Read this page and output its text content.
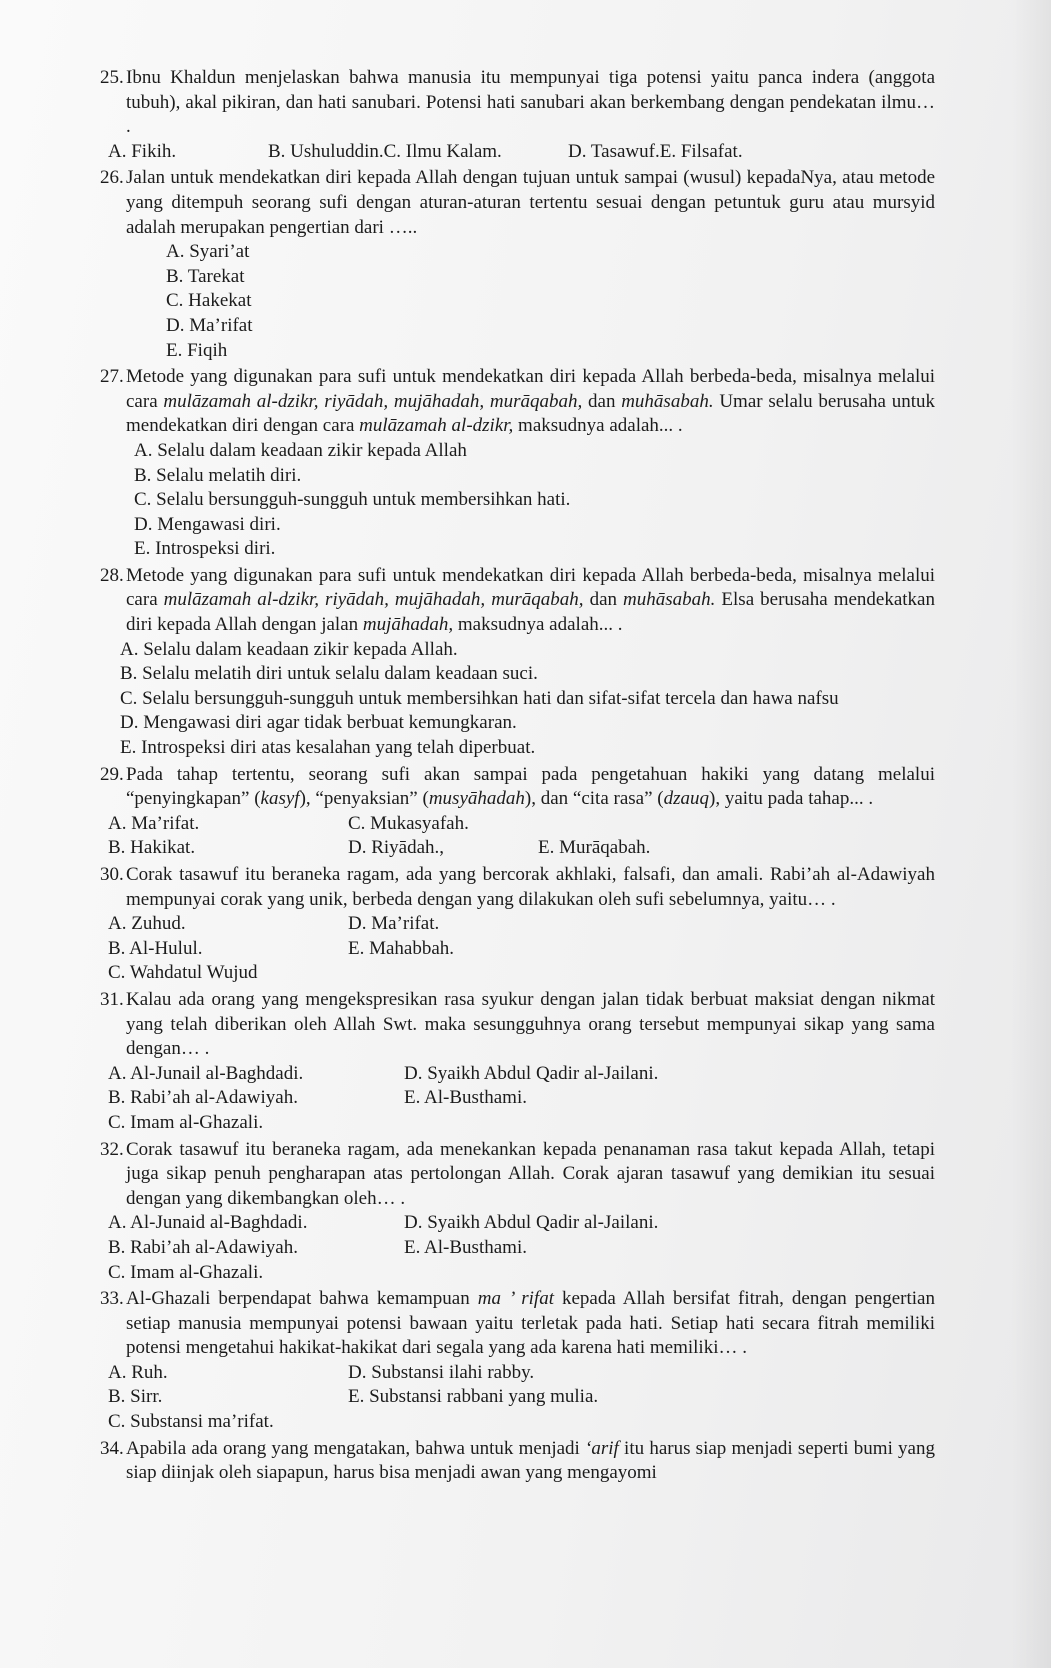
25. Ibnu Khaldun menjelaskan bahwa manusia itu mempunyai tiga potensi yaitu panca indera (anggota tubuh), akal pikiran, dan hati sanubari. Potensi hati sanubari akan berkembang dengan pendekatan ilmu… .
A. Fikih.	B. Ushuluddin.C. Ilmu Kalam.	D. Tasawuf.E. Filsafat.
26. Jalan untuk mendekatkan diri kepada Allah dengan tujuan untuk sampai (wusul) kepadaNya, atau metode yang ditempuh seorang sufi dengan aturan-aturan tertentu sesuai dengan petuntuk guru atau mursyid adalah merupakan pengertian dari …..
A. Syari’at
B. Tarekat
C. Hakekat
D. Ma’rifat
E. Fiqih
27. Metode yang digunakan para sufi untuk mendekatkan diri kepada Allah berbeda-beda, misalnya melalui cara mulāzamah al-dzikr, riyādah, mujāhadah, murāqabah, dan muhāsabah. Umar selalu berusaha untuk mendekatkan diri dengan cara mulāzamah al-dzikr, maksudnya adalah... .
A. Selalu dalam keadaan zikir kepada Allah
B. Selalu melatih diri.
C. Selalu bersungguh-sungguh untuk membersihkan hati.
D. Mengawasi diri.
E. Introspeksi diri.
28. Metode yang digunakan para sufi untuk mendekatkan diri kepada Allah berbeda-beda, misalnya melalui cara mulāzamah al-dzikr, riyādah, mujāhadah, murāqabah, dan muhāsabah. Elsa berusaha mendekatkan diri kepada Allah dengan jalan mujāhadah, maksudnya adalah... .
A. Selalu dalam keadaan zikir kepada Allah.
B. Selalu melatih diri untuk selalu dalam keadaan suci.
C. Selalu bersungguh-sungguh untuk membersihkan hati dan sifat-sifat tercela dan hawa nafsu
D. Mengawasi diri agar tidak berbuat kemungkaran.
E. Introspeksi diri atas kesalahan yang telah diperbuat.
29. Pada tahap tertentu, seorang sufi akan sampai pada pengetahuan hakiki yang datang melalui “penyingkapan” (kasyf), “penyaksian” (musyāhadah), dan “cita rasa” (dzauq), yaitu pada tahap... .
A. Ma’rifat.	C. Mukasyafah.
B. Hakikat.	D. Riyādah.,	E. Murāqabah.
30. Corak tasawuf itu beraneka ragam, ada yang bercorak akhlaki, falsafi, dan amali. Rabi’ah al-Adawiyah mempunyai corak yang unik, berbeda dengan yang dilakukan oleh sufi sebelumnya, yaitu… .
A. Zuhud.	D. Ma’rifat.
B. Al-Hulul.	E. Mahabbah.
C. Wahdatul Wujud
31. Kalau ada orang yang mengekspresikan rasa syukur dengan jalan tidak berbuat maksiat dengan nikmat yang telah diberikan oleh Allah Swt. maka sesungguhnya orang tersebut mempunyai sikap yang sama dengan… .
A. Al-Junail al-Baghdadi.	D. Syaikh Abdul Qadir al-Jailani.
B. Rabi’ah al-Adawiyah.	E. Al-Busthami.
C. Imam al-Ghazali.
32. Corak tasawuf itu beraneka ragam, ada menekankan kepada penanaman rasa takut kepada Allah, tetapi juga sikap penuh pengharapan atas pertolongan Allah. Corak ajaran tasawuf yang demikian itu sesuai dengan yang dikembangkan oleh… .
A. Al-Junaid al-Baghdadi.	D. Syaikh Abdul Qadir al-Jailani.
B. Rabi’ah al-Adawiyah.	E. Al-Busthami.
C. Imam al-Ghazali.
33. Al-Ghazali berpendapat bahwa kemampuan ma ’ rifat kepada Allah bersifat fitrah, dengan pengertian setiap manusia mempunyai potensi bawaan yaitu terletak pada hati. Setiap hati secara fitrah memiliki potensi mengetahui hakikat-hakikat dari segala yang ada karena hati memiliki… .
A. Ruh.	D. Substansi ilahi rabby.
B. Sirr.	E. Substansi rabbani yang mulia.
C. Substansi ma’rifat.
34. Apabila ada orang yang mengatakan, bahwa untuk menjadi ‘arif itu harus siap menjadi seperti bumi yang siap diinjak oleh siapapun, harus bisa menjadi awan yang mengayomi
